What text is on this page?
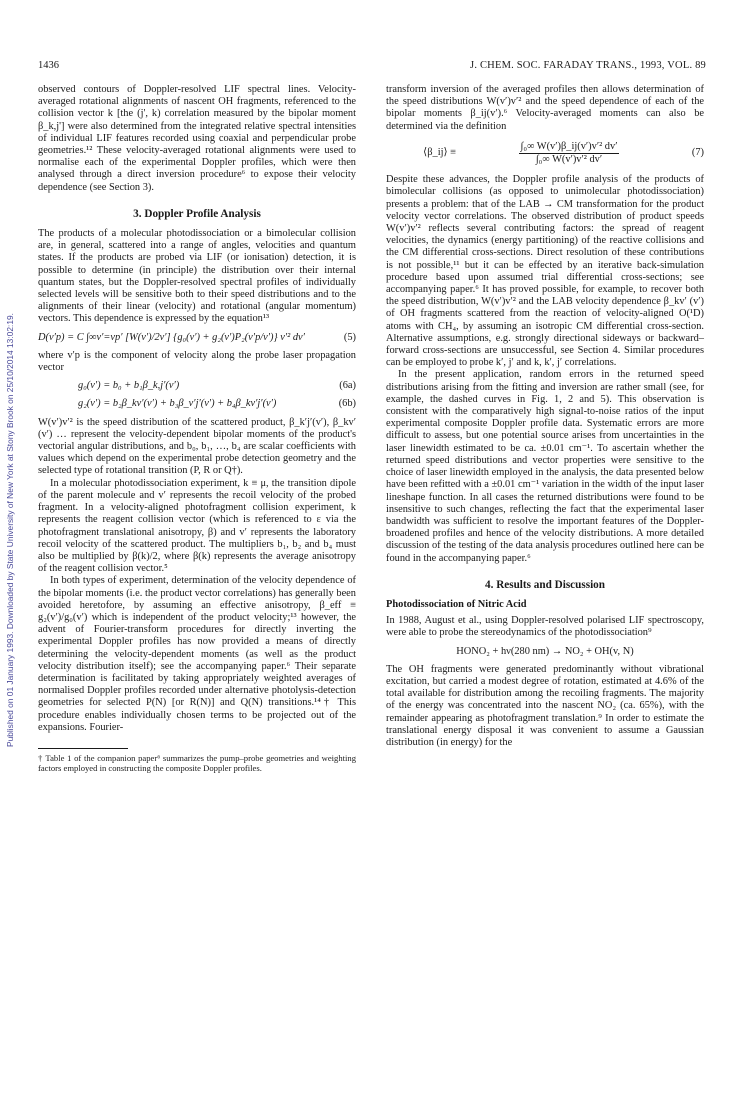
1436	J. CHEM. SOC. FARADAY TRANS., 1993, VOL. 89
Published on 01 January 1993. Downloaded by State University of New York at Stony Brook on 25/10/2014 13:02:19.

observed contours of Doppler-resolved LIF spectral lines. Velocity-averaged rotational alignments of nascent OH fragments, referenced to the collision vector k [the (j', k) correlation measured by the bipolar moment β_k,j'] were also determined from the integrated relative spectral intensities of individual LIF features recorded using coaxial and perpendicular probe geometries.¹² These velocity-averaged rotational alignments were used to normalise each of the experimental Doppler profiles, which were then analysed through a direct inversion procedure⁶ to expose their velocity dependence (see Section 3).

3. Doppler Profile Analysis

The products of a molecular photodissociation or a bimolecular collision are, in general, scattered into a range of angles, velocities and quantum states. If the products are probed via LIF (or ionisation) detection, it is possible to determine (in principle) the distribution over their internal quantum states, but the Doppler-resolved spectral profiles of individually selected levels will be sensitive both to their speed distributions and to the alignments of their linear (velocity) and rotational (angular momentum) vectors. This dependence is expressed by the equation¹³

D(v′p) = C ∫∞v′=vp′ [W(v′)/2v′] {g₀(v′) + g₂(v′)P₂(v′p/v′)} v′² dv′	(5)

where v′p is the component of velocity along the probe laser propagation vector

g₀(v′) = b₀ + b₁β_k,j′(v′)	(6a)
g₂(v′) = b₂β_kv′(v′) + b₃β_v′j′(v′) + b₄β_kv′j′(v′)	(6b)

W(v′)v′² is the speed distribution of the scattered product, β_k′j′(v′), β_kv′(v′) … represent the velocity-dependent bipolar moments of the product's vectorial angular distributions, and b₀, b₁, …, b₄ are scalar coefficients with values which depend on the experimental probe detection geometry and the selected type of rotational transition (P, R or Q†).

In a molecular photodissociation experiment, k ≡ μ, the transition dipole of the parent molecule and v′ represents the recoil velocity of the probed fragment. In a velocity-aligned photofragment collision experiment, k represents the reagent collision vector (which is referenced to ε via the photofragment translational anisotropy, β) and v′ represents the laboratory recoil velocity of the scattered product. The multipliers b₁, b₂ and b₄ must also be multiplied by β(k)/2, where β(k) represents the average anisotropy of the reagent collision vector.⁵

In both types of experiment, determination of the velocity dependence of the bipolar moments (i.e. the product vector correlations) has generally been avoided heretofore, by assuming an effective anisotropy, β_eff ≡ g₂(v′)/g₀(v′) which is independent of the product velocity;¹³ however, the advent of Fourier-transform procedures for directly inverting the experimental Doppler profiles has now provided a means of directly determining the velocity-dependent moments (as well as the product velocity distribution itself); see the accompanying paper.⁶ Their separate determination is facilitated by taking appropriately weighted averages of normalised Doppler profiles recorded under alternative photolysis-detection geometries for selected P(N) [or R(N)] and Q(N) transitions.¹⁴† This procedure enables individually chosen terms to be projected out of the expansions. Fourier-

† Table 1 of the companion paper⁶ summarizes the pump–probe geometries and weighting factors employed in constructing the composite Doppler profiles.

transform inversion of the averaged profiles then allows determination of the speed distributions W(v′)v′² and the speed dependence of each of the bipolar moments β_ij(v′).⁶ Velocity-averaged moments can also be determined via the definition

⟨β_ij⟩ ≡	$\frac{\text{∫₀∞ W(v′)β\_ij(v′)v′² dv′}}{\text{∫₀∞ W(v′)v′² dv′}}$	(7)

Despite these advances, the Doppler profile analysis of the products of bimolecular collisions (as opposed to unimolecular photodissociation) presents a problem: that of the LAB → CM transformation for the product velocity vector correlations. The observed distribution of product speeds W(v′)v′² reflects several contributing factors: the spread of reagent velocities, the dynamics (energy partitioning) of the reactive collisions and the CM differential cross-sections. Direct resolution of these contributions is not possible,¹¹ but it can be effected by an iterative back-simulation procedure based upon assumed trial differential cross-sections; see accompanying paper.⁶ It has proved possible, for example, to recover both the speed distribution, W(v′)v′² and the LAB velocity dependence β_kv′ (v′) of OH fragments scattered from the reaction of velocity-aligned O(¹D) atoms with CH₄, by assuming an isotropic CM differential cross-section. Alternative assumptions, e.g. strongly directional sideways or backward–forward cross-sections are unsuccessful, see Section 4. Similar procedures can be employed to probe k′, j′ and k, k′, j′ correlations.

In the present application, random errors in the returned speed distributions arising from the fitting and inversion are rather small (see, for example, the dashed curves in Fig. 1, 2 and 5). This observation is consistent with the comparatively high signal-to-noise ratios of the input experimental composite Doppler profile data. Systematic errors are more difficult to assess, but one potential source arises from uncertainties in the laser linewidth estimated to be ca. ±0.01 cm⁻¹. To ascertain whether the returned speed distributions and vector properties were sensitive to the choice of laser linewidth employed in the analysis, the data presented below have been refitted with a ±0.01 cm⁻¹ variation in the width of the input laser lineshape function. In all cases the returned distributions were found to be insensitive to such changes, reflecting the fact that the experimental laser bandwidth was sufficient to resolve the important features of the Doppler-broadened profiles and hence of the velocity distributions. A more detailed discussion of the testing of the data analysis procedures outlined here can be found in the accompanying paper.⁶

4. Results and Discussion
Photodissociation of Nitric Acid

In 1988, August et al., using Doppler-resolved polarised LIF spectroscopy, were able to probe the stereodynamics of the photodissociation⁹

HONO₂ + hν(280 nm) → NO₂ + OH(v, N)

The OH fragments were generated predominantly without vibrational excitation, but carried a modest degree of rotation, estimated at 4.6% of the total available for distribution among the recoiling fragments. The majority of the energy was concentrated into the nascent NO₂ (ca. 65%), with the remainder appearing as photofragment translation.⁹ In order to estimate the translational energy disposal it was convenient to assume a Gaussian distribution (in energy) for the
